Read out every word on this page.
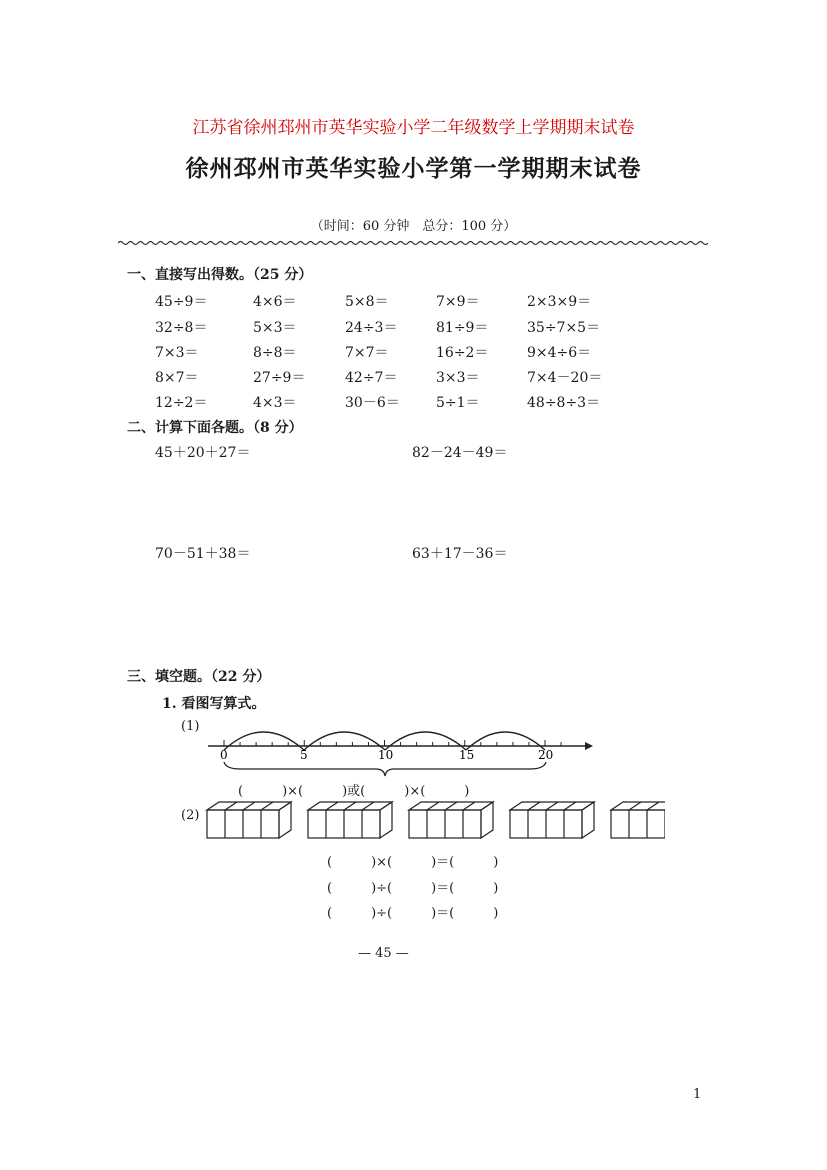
江苏省徐州邳州市英华实验小学二年级数学上学期期末试卷
徐州邳州市英华实验小学第一学期期末试卷
（时间：60 分钟　总分：100 分）
一、直接写出得数。（25 分）
45÷9＝	4×6＝	5×8＝	7×9＝	2×3×9＝
32÷8＝	5×3＝	24÷3＝	81÷9＝	35÷7×5＝
7×3＝	8÷8＝	7×7＝	16÷2＝	9×4÷6＝
8×7＝	27÷9＝	42÷7＝	3×3＝	7×4－20＝
12÷2＝	4×3＝	30－6＝	5÷1＝	48÷8÷3＝
二、计算下面各题。（8 分）
45＋20＋27＝	82－24－49＝
70－51＋38＝	63＋17－36＝
三、填空题。（22 分）
1. 看图写算式。
(1)
0	5	10	15	20
(　　　)×(　　　)或(　　　)×(　　　)
(2)
(　　　)×(　　　)＝(　　　)
(　　　)÷(　　　)＝(　　　)
(　　　)÷(　　　)＝(　　　)
— 45 —
1
